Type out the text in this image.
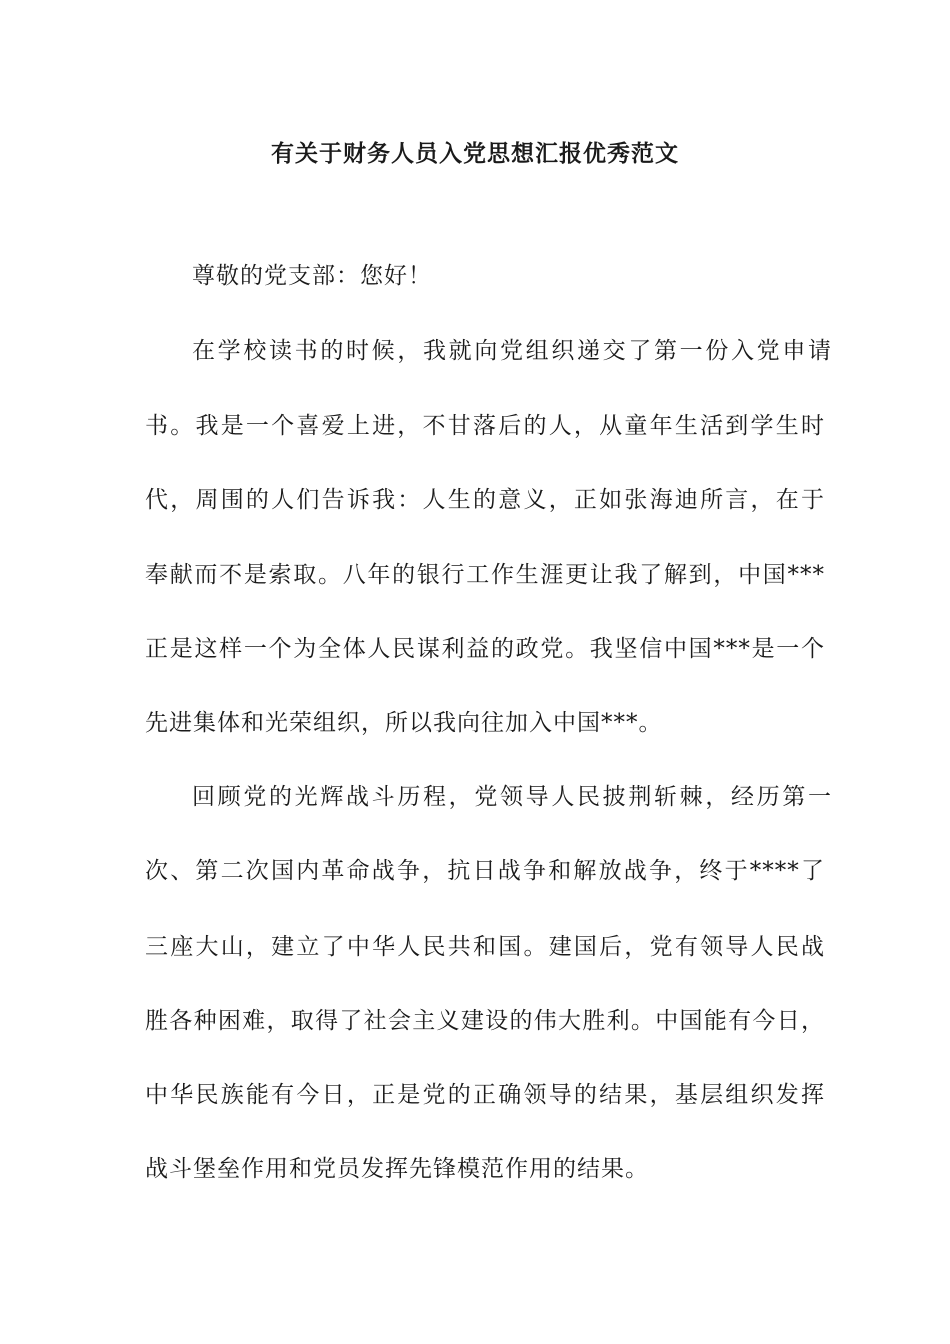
有关于财务人员入党思想汇报优秀范文
尊敬的党支部：您好！
在学校读书的时候，我就向党组织递交了第一份入党申请
书。我是一个喜爱上进，不甘落后的人，从童年生活到学生时
代，周围的人们告诉我：人生的意义，正如张海迪所言，在于
奉献而不是索取。八年的银行工作生涯更让我了解到，中国***
正是这样一个为全体人民谋利益的政党。我坚信中国***是一个
先进集体和光荣组织，所以我向往加入中国***。
回顾党的光辉战斗历程，党领导人民披荆斩棘，经历第一
次、第二次国内革命战争，抗日战争和解放战争，终于****了
三座大山，建立了中华人民共和国。建国后，党有领导人民战
胜各种困难，取得了社会主义建设的伟大胜利。中国能有今日，
中华民族能有今日，正是党的正确领导的结果，基层组织发挥
战斗堡垒作用和党员发挥先锋模范作用的结果。
